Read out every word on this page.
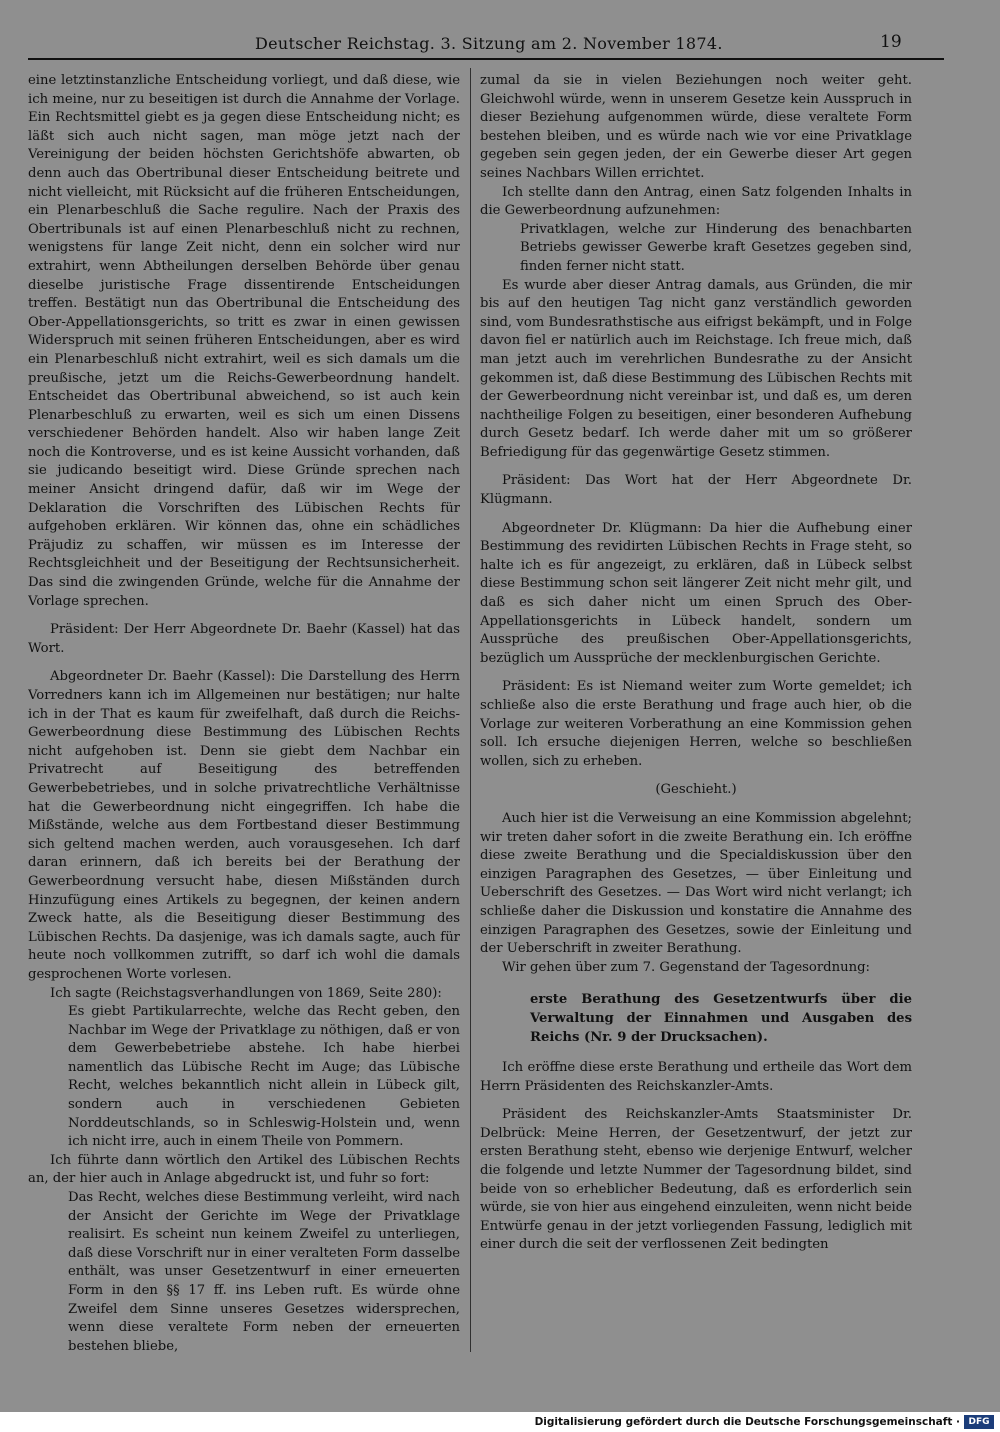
Deutscher Reichstag. 3. Sitzung am 2. November 1874.	19

eine letztinstanzliche Entscheidung vorliegt, und daß diese, wie ich meine, nur zu beseitigen ist durch die Annahme der Vorlage. Ein Rechtsmittel giebt es ja gegen diese Entscheidung nicht; es läßt sich auch nicht sagen, man möge jetzt nach der Vereinigung der beiden höchsten Gerichtshöfe abwarten, ob denn auch das Obertribunal dieser Entscheidung beitrete und nicht vielleicht, mit Rücksicht auf die früheren Entscheidungen, ein Plenarbeschluß die Sache regulire. Nach der Praxis des Obertribunals ist auf einen Plenarbeschluß nicht zu rechnen, wenigstens für lange Zeit nicht, denn ein solcher wird nur extrahirt, wenn Abtheilungen derselben Behörde über genau dieselbe juristische Frage dissentirende Entscheidungen treffen. Bestätigt nun das Obertribunal die Entscheidung des Ober-Appellationsgerichts, so tritt es zwar in einen gewissen Widerspruch mit seinen früheren Entscheidungen, aber es wird ein Plenarbeschluß nicht extrahirt, weil es sich damals um die preußische, jetzt um die Reichs-Gewerbeordnung handelt. Entscheidet das Obertribunal abweichend, so ist auch kein Plenarbeschluß zu erwarten, weil es sich um einen Dissens verschiedener Behörden handelt. Also wir haben lange Zeit noch die Kontroverse, und es ist keine Aussicht vorhanden, daß sie judicando beseitigt wird. Diese Gründe sprechen nach meiner Ansicht dringend dafür, daß wir im Wege der Deklaration die Vorschriften des Lübischen Rechts für aufgehoben erklären. Wir können das, ohne ein schädliches Präjudiz zu schaffen, wir müssen es im Interesse der Rechtsgleichheit und der Beseitigung der Rechtsunsicherheit. Das sind die zwingenden Gründe, welche für die Annahme der Vorlage sprechen.

Präsident: Der Herr Abgeordnete Dr. Baehr (Kassel) hat das Wort.

Abgeordneter Dr. Baehr (Kassel): Die Darstellung des Herrn Vorredners kann ich im Allgemeinen nur bestätigen; nur halte ich in der That es kaum für zweifelhaft, daß durch die Reichs-Gewerbeordnung diese Bestimmung des Lübischen Rechts nicht aufgehoben ist. Denn sie giebt dem Nachbar ein Privatrecht auf Beseitigung des betreffenden Gewerbebetriebes, und in solche privatrechtliche Verhältnisse hat die Gewerbeordnung nicht eingegriffen. Ich habe die Mißstände, welche aus dem Fortbestand dieser Bestimmung sich geltend machen werden, auch vorausgesehen. Ich darf daran erinnern, daß ich bereits bei der Berathung der Gewerbeordnung versucht habe, diesen Mißständen durch Hinzufügung eines Artikels zu begegnen, der keinen andern Zweck hatte, als die Beseitigung dieser Bestimmung des Lübischen Rechts. Da dasjenige, was ich damals sagte, auch für heute noch vollkommen zutrifft, so darf ich wohl die damals gesprochenen Worte vorlesen.

Ich sagte (Reichstagsverhandlungen von 1869, Seite 280):

Es giebt Partikularrechte, welche das Recht geben, den Nachbar im Wege der Privatklage zu nöthigen, daß er von dem Gewerbebetriebe abstehe. Ich habe hierbei namentlich das Lübische Recht im Auge; das Lübische Recht, welches bekanntlich nicht allein in Lübeck gilt, sondern auch in verschiedenen Gebieten Norddeutschlands, so in Schleswig-Holstein und, wenn ich nicht irre, auch in einem Theile von Pommern.

Ich führte dann wörtlich den Artikel des Lübischen Rechts an, der hier auch in Anlage abgedruckt ist, und fuhr so fort:

Das Recht, welches diese Bestimmung verleiht, wird nach der Ansicht der Gerichte im Wege der Privatklage realisirt. Es scheint nun keinem Zweifel zu unterliegen, daß diese Vorschrift nur in einer veralteten Form dasselbe enthält, was unser Gesetzentwurf in einer erneuerten Form in den §§ 17 ff. ins Leben ruft. Es würde ohne Zweifel dem Sinne unseres Gesetzes widersprechen, wenn diese veraltete Form neben der erneuerten bestehen bliebe,

zumal da sie in vielen Beziehungen noch weiter geht. Gleichwohl würde, wenn in unserem Gesetze kein Ausspruch in dieser Beziehung aufgenommen würde, diese veraltete Form bestehen bleiben, und es würde nach wie vor eine Privatklage gegeben sein gegen jeden, der ein Gewerbe dieser Art gegen seines Nachbars Willen errichtet.

Ich stellte dann den Antrag, einen Satz folgenden Inhalts in die Gewerbeordnung aufzunehmen:

Privatklagen, welche zur Hinderung des benachbarten Betriebs gewisser Gewerbe kraft Gesetzes gegeben sind, finden ferner nicht statt.

Es wurde aber dieser Antrag damals, aus Gründen, die mir bis auf den heutigen Tag nicht ganz verständlich geworden sind, vom Bundesrathstische aus eifrigst bekämpft, und in Folge davon fiel er natürlich auch im Reichstage. Ich freue mich, daß man jetzt auch im verehrlichen Bundesrathe zu der Ansicht gekommen ist, daß diese Bestimmung des Lübischen Rechts mit der Gewerbeordnung nicht vereinbar ist, und daß es, um deren nachtheilige Folgen zu beseitigen, einer besonderen Aufhebung durch Gesetz bedarf. Ich werde daher mit um so größerer Befriedigung für das gegenwärtige Gesetz stimmen.

Präsident: Das Wort hat der Herr Abgeordnete Dr. Klügmann.

Abgeordneter Dr. Klügmann: Da hier die Aufhebung einer Bestimmung des revidirten Lübischen Rechts in Frage steht, so halte ich es für angezeigt, zu erklären, daß in Lübeck selbst diese Bestimmung schon seit längerer Zeit nicht mehr gilt, und daß es sich daher nicht um einen Spruch des Ober-Appellationsgerichts in Lübeck handelt, sondern um Aussprüche des preußischen Ober-Appellationsgerichts, bezüglich um Aussprüche der mecklenburgischen Gerichte.

Präsident: Es ist Niemand weiter zum Worte gemeldet; ich schließe also die erste Berathung und frage auch hier, ob die Vorlage zur weiteren Vorberathung an eine Kommission gehen soll. Ich ersuche diejenigen Herren, welche so beschließen wollen, sich zu erheben.

(Geschieht.)

Auch hier ist die Verweisung an eine Kommission abgelehnt; wir treten daher sofort in die zweite Berathung ein. Ich eröffne diese zweite Berathung und die Specialdiskussion über den einzigen Paragraphen des Gesetzes, — über Einleitung und Ueberschrift des Gesetzes. — Das Wort wird nicht verlangt; ich schließe daher die Diskussion und konstatire die Annahme des einzigen Paragraphen des Gesetzes, sowie der Einleitung und der Ueberschrift in zweiter Berathung.

Wir gehen über zum 7. Gegenstand der Tagesordnung:

erste Berathung des Gesetzentwurfs über die Verwaltung der Einnahmen und Ausgaben des Reichs (Nr. 9 der Drucksachen).

Ich eröffne diese erste Berathung und ertheile das Wort dem Herrn Präsidenten des Reichskanzler-Amts.

Präsident des Reichskanzler-Amts Staatsminister Dr. Delbrück: Meine Herren, der Gesetzentwurf, der jetzt zur ersten Berathung steht, ebenso wie derjenige Entwurf, welcher die folgende und letzte Nummer der Tagesordnung bildet, sind beide von so erheblicher Bedeutung, daß es erforderlich sein würde, sie von hier aus eingehend einzuleiten, wenn nicht beide Entwürfe genau in der jetzt vorliegenden Fassung, lediglich mit einer durch die seit der verflossenen Zeit bedingten

Digitalisierung gefördert durch die Deutsche Forschungsgemeinschaft · DFG
